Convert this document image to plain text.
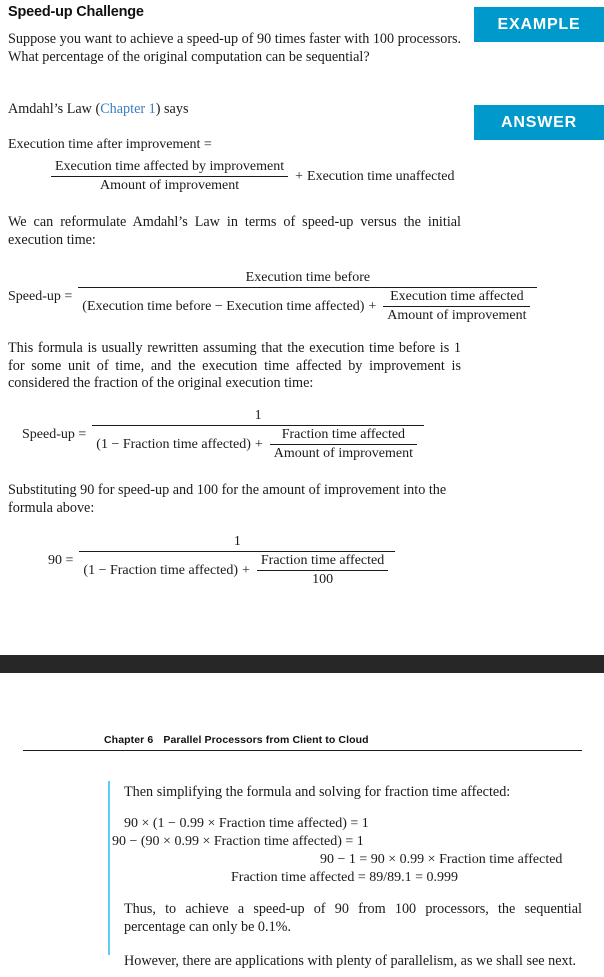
EXAMPLE
ANSWER
Speed-up Challenge
Suppose you want to achieve a speed-up of 90 times faster with 100 processors. What percentage of the original computation can be sequential?
Amdahl’s Law (Chapter 1) says
Execution time after improvement =
$\frac{\text{Execution time affected by improvement}}{\text{Amount of improvement}}$ + Execution time unaffected
We can reformulate Amdahl’s Law in terms of speed-up versus the initial execution time:
Speed-up =
Execution time before
(Execution time before − Execution time affected) + $\frac{\text{Execution time affected}}{\text{Amount of improvement}}$
This formula is usually rewritten assuming that the execution time before is 1 for some unit of time, and the execution time affected by improvement is considered the fraction of the original execution time:
Speed-up =
1
(1 − Fraction time affected) + $\frac{\text{Fraction time affected}}{\text{Amount of improvement}}$
Substituting 90 for speed-up and 100 for the amount of improvement into the formula above:
90 =
1
(1 − Fraction time affected) + $\frac{\text{Fraction time affected}}{100}$
Chapter 6 Parallel Processors from Client to Cloud
Then simplifying the formula and solving for fraction time affected:
90 × (1 − 0.99 × Fraction time affected) = 1
90 − (90 × 0.99 × Fraction time affected) = 1
90 − 1 = 90 × 0.99 × Fraction time affected
Fraction time affected = 89/89.1 = 0.999
Thus, to achieve a speed-up of 90 from 100 processors, the sequential percentage can only be 0.1%.
However, there are applications with plenty of parallelism, as we shall see next.
